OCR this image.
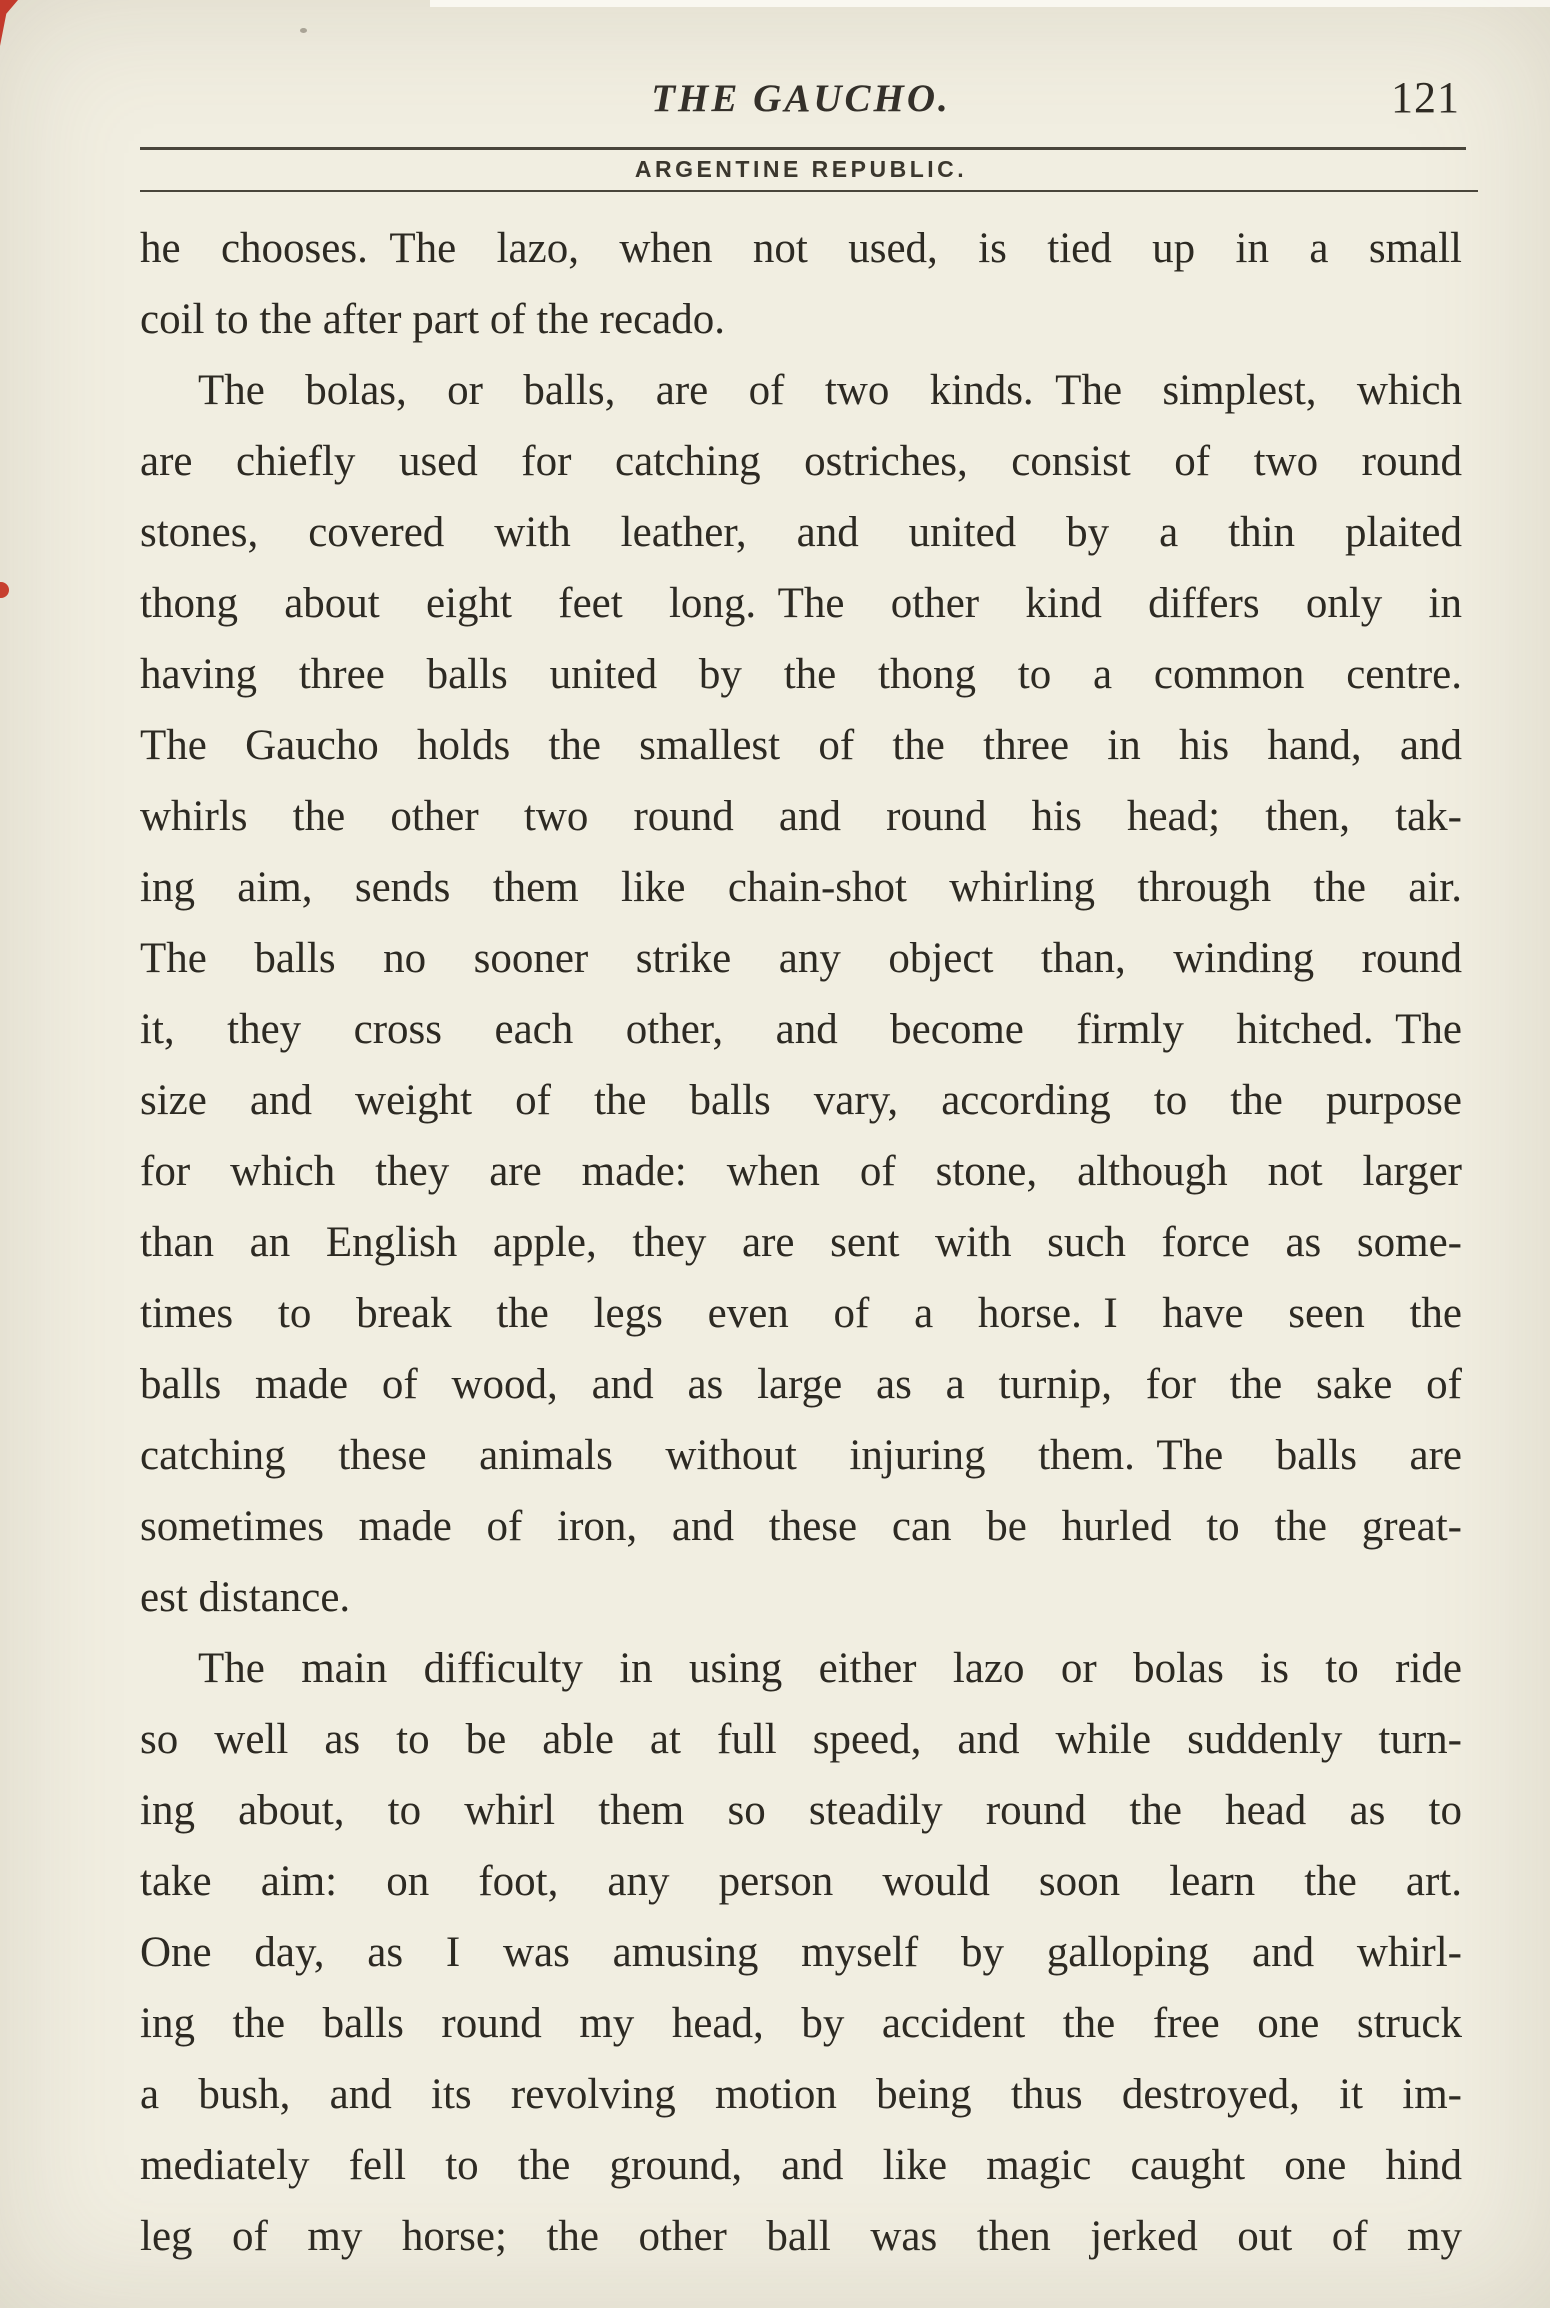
THE GAUCHO.	121
ARGENTINE REPUBLIC.
he chooses. The lazo, when not used, is tied up in a small
coil to the after part of the recado.
The bolas, or balls, are of two kinds. The simplest, which
are chiefly used for catching ostriches, consist of two round
stones, covered with leather, and united by a thin plaited
thong about eight feet long. The other kind differs only in
having three balls united by the thong to a common centre.
The Gaucho holds the smallest of the three in his hand, and
whirls the other two round and round his head; then, tak-
ing aim, sends them like chain-shot whirling through the air.
The balls no sooner strike any object than, winding round
it, they cross each other, and become firmly hitched. The
size and weight of the balls vary, according to the purpose
for which they are made: when of stone, although not larger
than an English apple, they are sent with such force as some-
times to break the legs even of a horse. I have seen the
balls made of wood, and as large as a turnip, for the sake of
catching these animals without injuring them. The balls are
sometimes made of iron, and these can be hurled to the great-
est distance.
The main difficulty in using either lazo or bolas is to ride
so well as to be able at full speed, and while suddenly turn-
ing about, to whirl them so steadily round the head as to
take aim: on foot, any person would soon learn the art.
One day, as I was amusing myself by galloping and whirl-
ing the balls round my head, by accident the free one struck
a bush, and its revolving motion being thus destroyed, it im-
mediately fell to the ground, and like magic caught one hind
leg of my horse; the other ball was then jerked out of my
